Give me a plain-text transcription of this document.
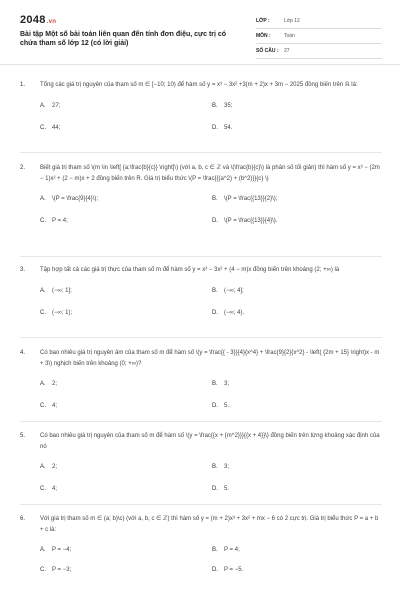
2048.vn
Bài tập Một số bài toán liên quan đến tính đơn điệu, cực trị có chứa tham số lớp 12 (có lời giải)
LỚP :	Lớp 12
MÔN :	Toán
SỐ CÂU : 27
1. Tổng các giá trị nguyên của tham số m ∈ [−10; 10) để hàm số y = x³ − 3x² +3(m + 2)x + 3m − 2025 đồng biến trên ℝ là:
A. 27;	B. 35;
C. 44;	D. 54.
2. Biết giá trị tham số \(m \in \left[ {a;\frac{b}{c}} \right]\) (với a, b, c ∈ ℤ và \(\frac{b}{c}\) là phân số tối giản) thì hàm số y = x³ − (2m − 1)x² + (2 − m)x + 2 đồng biến trên R. Giá trị biểu thức \(P = \frac{{(a^2) + (b^2)}}{c} \)
A. \(P = \frac{9}{4}\);	B. \(P = \frac{{13}}{2}\);
C. P = 4;	D. \(P = \frac{{13}}{4}\).
3. Tập hợp tất cả các giá trị thực của tham số m để hàm số y = x³ − 3x² + (4 − m)x đồng biến trên khoảng (2; +∞) là
A. (−∞; 1];	B. (−∞; 4];
C. (−∞; 1);	D. (−∞; 4).
4. Có bao nhiêu giá trị nguyên âm của tham số m để hàm số \(y = \frac{{ - 3}}{4}{x^4} + \frac{9}{2}{x^2} - \left( {2m + 15} \right)x - m + 3\) nghịch biến trên khoảng (0; +∞)?
A. 2;	B. 3;
C. 4;	D. 5.
5. Có bao nhiêu giá trị nguyên của tham số m để hàm số \(y = \frac{{x + {m^2}}}{{x + 4}}\) đồng biến trên từng khoảng xác định của nó
A. 2;	B. 3;
C. 4;	D. 5.
6. Với giá trị tham số m ∈ (a; b)\c) (với a, b, c ∈ ℤ) thì hàm số y = (m + 2)x³ + 3x² + mx − 6 có 2 cực trị. Giá trị biểu thức P = a + b + c là:
A. P = −4;	B. P = 4;
C. P = −3;	D. P = −5.
